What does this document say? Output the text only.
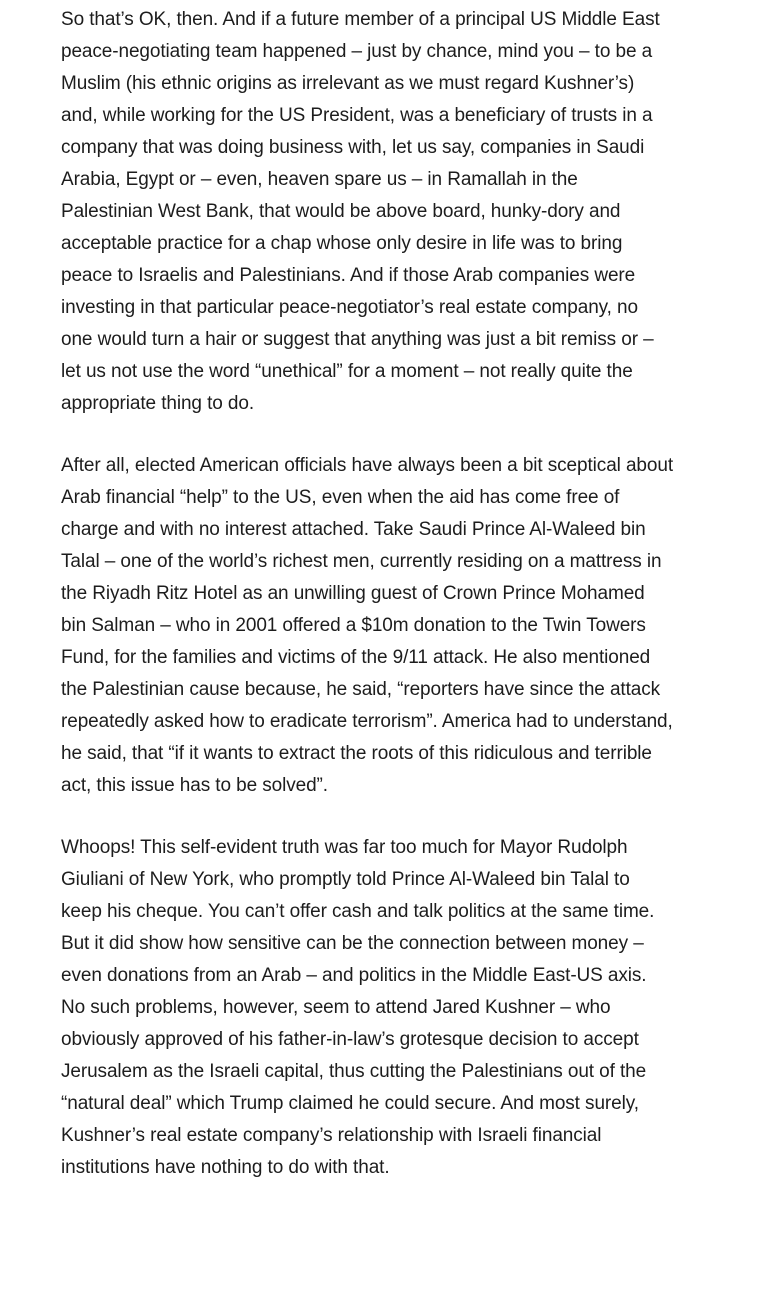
So that’s OK, then. And if a future member of a principal US Middle East peace-negotiating team happened – just by chance, mind you – to be a Muslim (his ethnic origins as irrelevant as we must regard Kushner’s) and, while working for the US President, was a beneficiary of trusts in a company that was doing business with, let us say, companies in Saudi Arabia, Egypt or – even, heaven spare us – in Ramallah in the Palestinian West Bank, that would be above board, hunky-dory and acceptable practice for a chap whose only desire in life was to bring peace to Israelis and Palestinians. And if those Arab companies were investing in that particular peace-negotiator’s real estate company, no one would turn a hair or suggest that anything was just a bit remiss or – let us not use the word “unethical” for a moment – not really quite the appropriate thing to do.

After all, elected American officials have always been a bit sceptical about Arab financial “help” to the US, even when the aid has come free of charge and with no interest attached. Take Saudi Prince Al-Waleed bin Talal – one of the world’s richest men, currently residing on a mattress in the Riyadh Ritz Hotel as an unwilling guest of Crown Prince Mohamed bin Salman – who in 2001 offered a $10m donation to the Twin Towers Fund, for the families and victims of the 9/11 attack. He also mentioned the Palestinian cause because, he said, “reporters have since the attack repeatedly asked how to eradicate terrorism”. America had to understand, he said, that “if it wants to extract the roots of this ridiculous and terrible act, this issue has to be solved”.

Whoops! This self-evident truth was far too much for Mayor Rudolph Giuliani of New York, who promptly told Prince Al-Waleed bin Talal to keep his cheque. You can’t offer cash and talk politics at the same time. But it did show how sensitive can be the connection between money – even donations from an Arab – and politics in the Middle East-US axis. No such problems, however, seem to attend Jared Kushner – who obviously approved of his father-in-law’s grotesque decision to accept Jerusalem as the Israeli capital, thus cutting the Palestinians out of the “natural deal” which Trump claimed he could secure. And most surely, Kushner’s real estate company’s relationship with Israeli financial institutions have nothing to do with that.
